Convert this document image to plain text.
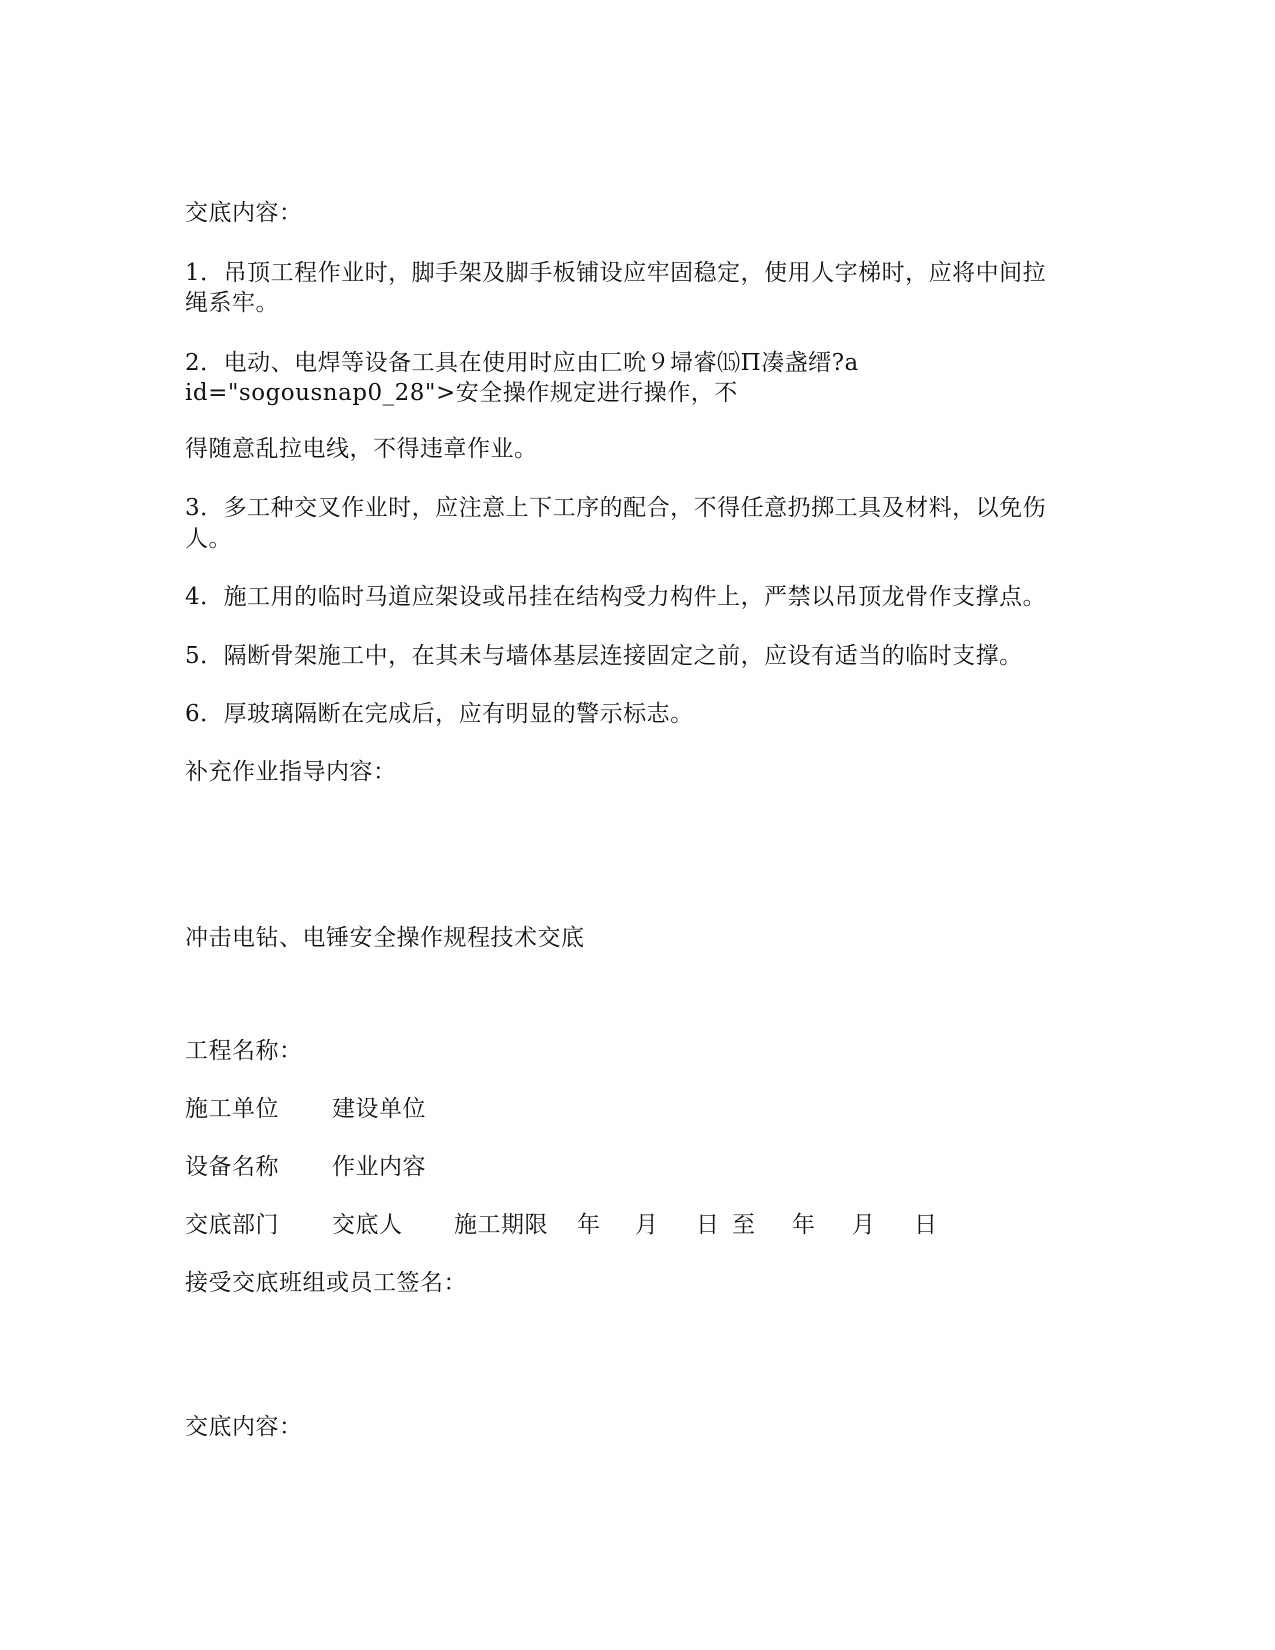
交底内容：
1．吊顶工程作业时，脚手架及脚手板铺设应牢固稳定，使用人字梯时，应将中间拉
绳系牢。
2．电动、电焊等设备工具在使用时应由匸吮９埽睿⒂Π凑盏缙?a
id="sogousnap0_28">安全操作规定进行操作，不
得随意乱拉电线，不得违章作业。
3．多工种交叉作业时，应注意上下工序的配合，不得任意扔掷工具及材料，以免伤
人。
4．施工用的临时马道应架设或吊挂在结构受力构件上，严禁以吊顶龙骨作支撑点。
5．隔断骨架施工中，在其未与墙体基层连接固定之前，应设有适当的临时支撑。
6．厚玻璃隔断在完成后，应有明显的警示标志。
补充作业指导内容：
冲击电钻、电锤安全操作规程技术交底
工程名称：
施工单位 建设单位
设备名称 作业内容
交底部门 交底人 施工期限 年 月 日 至 年 月 日
接受交底班组或员工签名：
交底内容：
